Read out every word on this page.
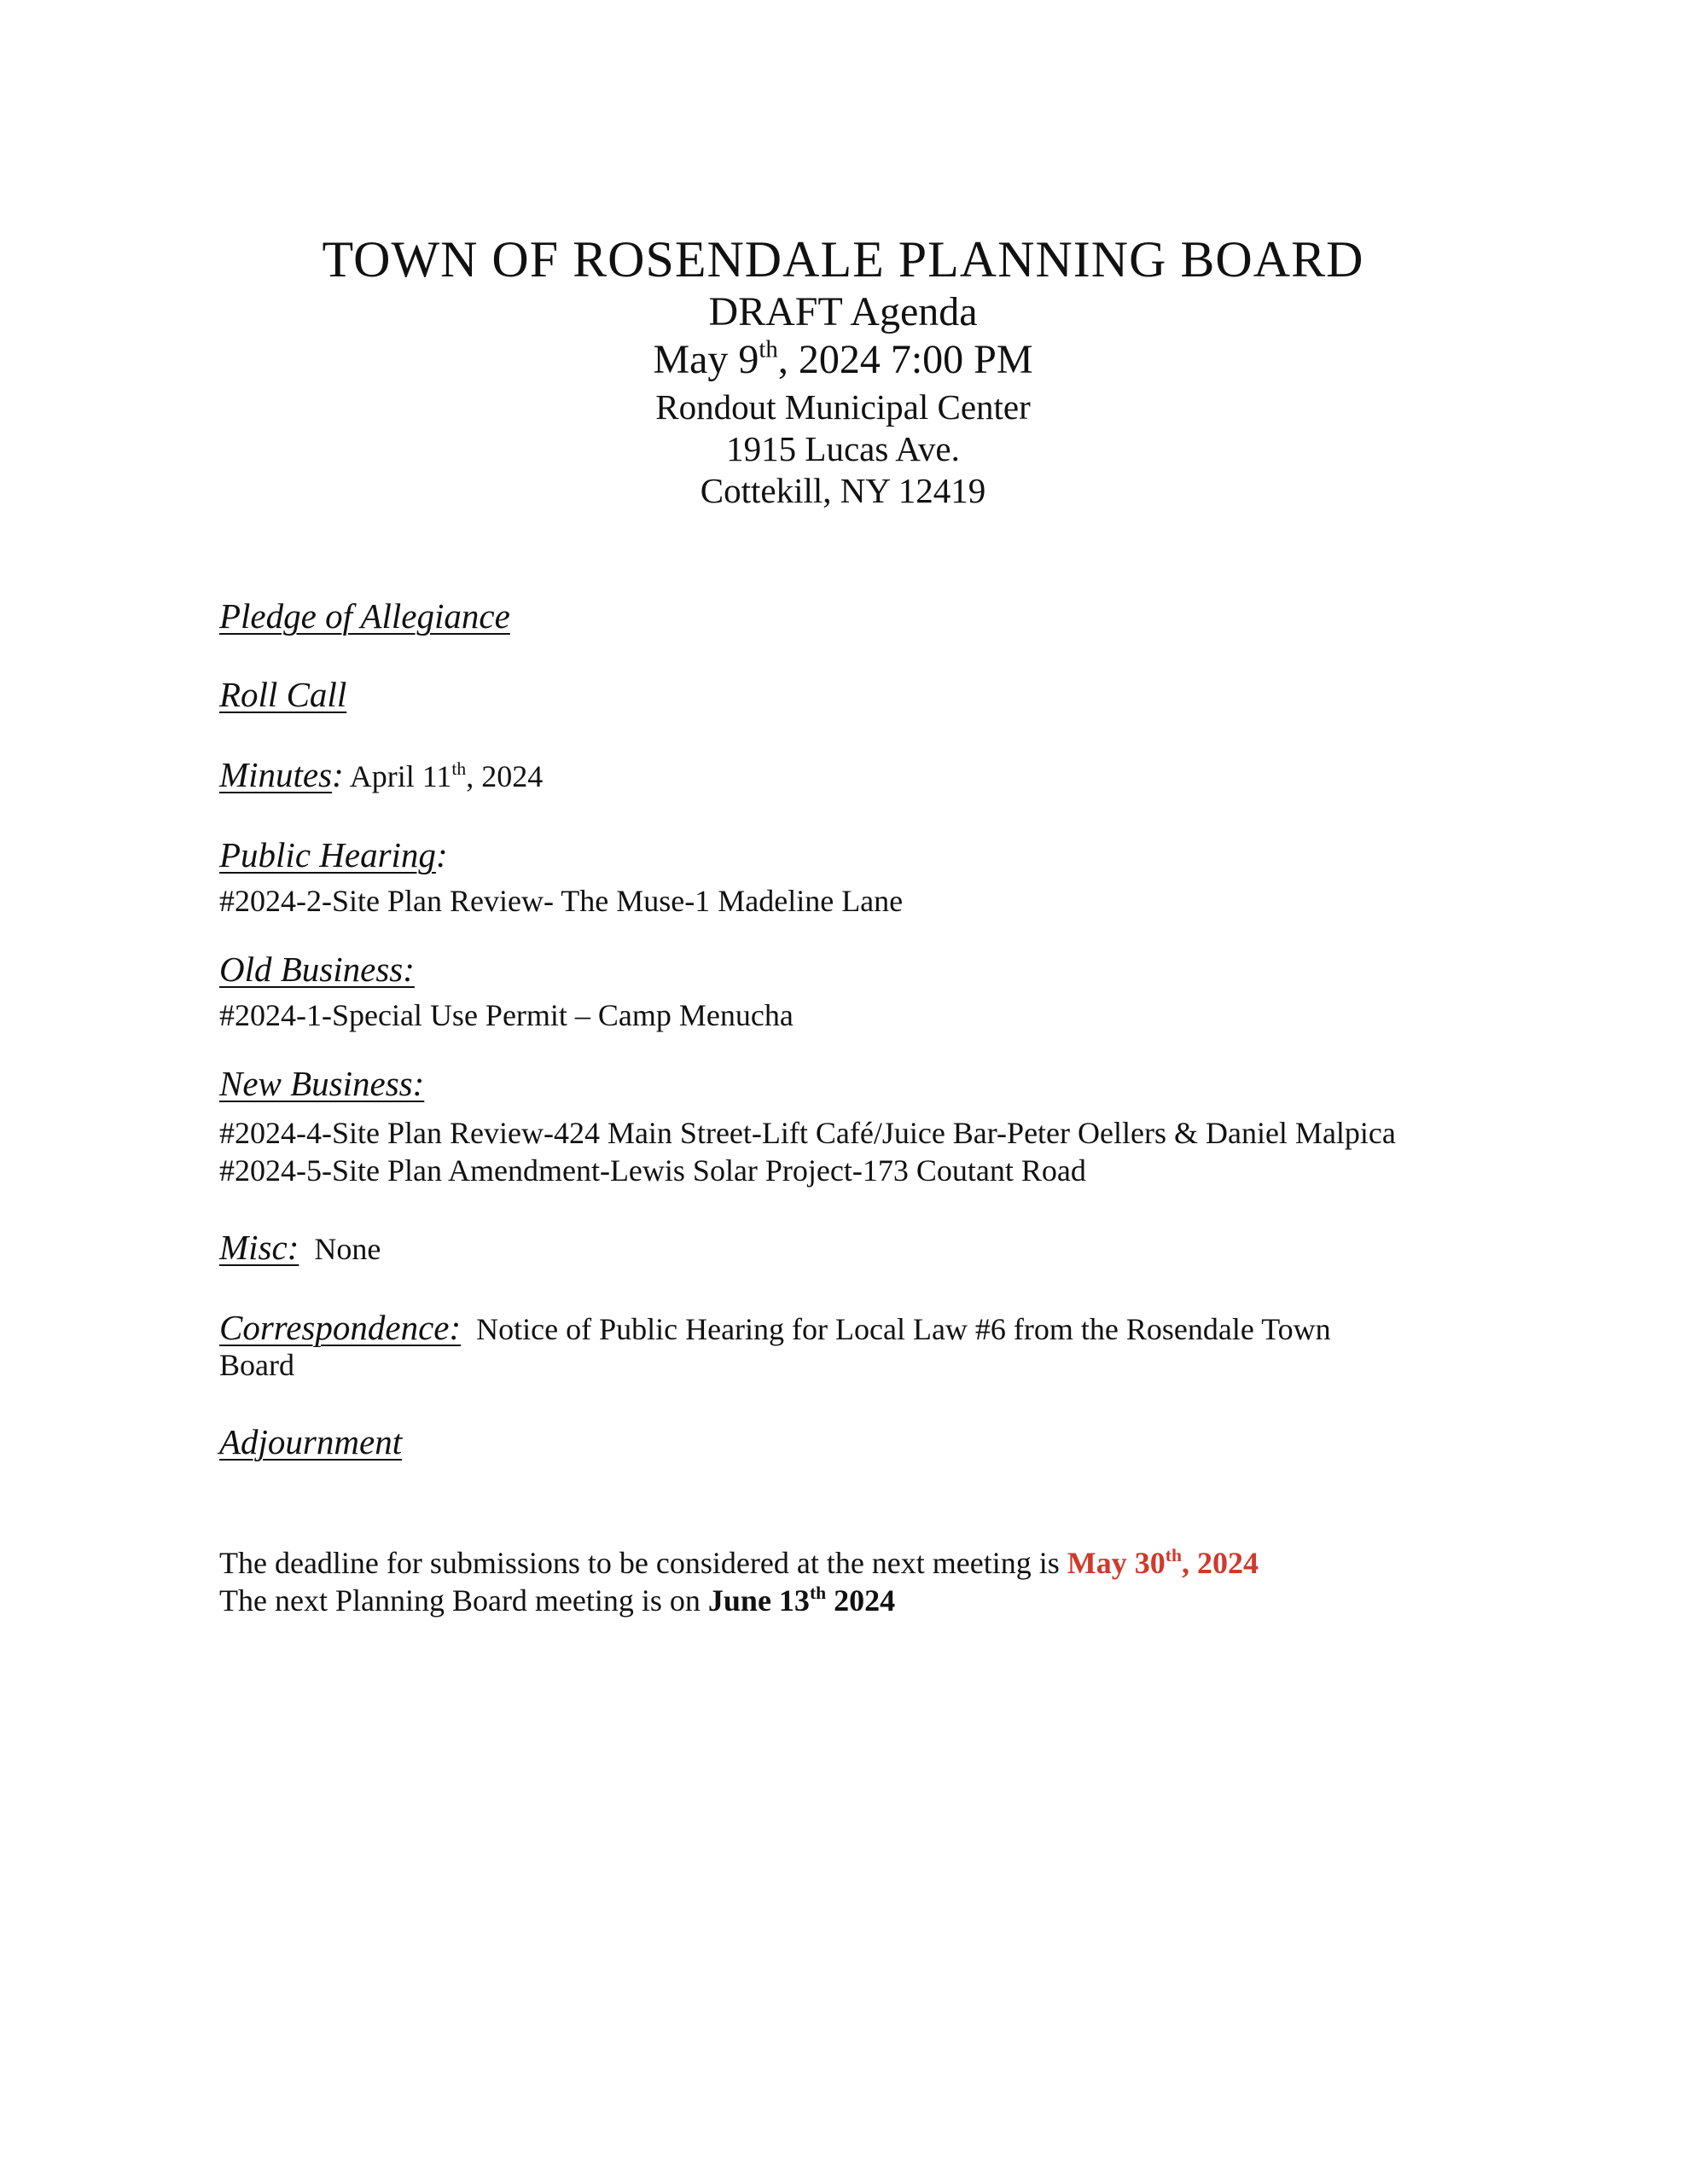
TOWN OF ROSENDALE PLANNING BOARD
DRAFT Agenda
May 9th, 2024 7:00 PM
Rondout Municipal Center
1915 Lucas Ave.
Cottekill, NY 12419
Pledge of Allegiance
Roll Call
Minutes: April 11th, 2024
Public Hearing:
#2024-2-Site Plan Review- The Muse-1 Madeline Lane
Old Business:
#2024-1-Special Use Permit – Camp Menucha
New Business:
#2024-4-Site Plan Review-424 Main Street-Lift Café/Juice Bar-Peter Oellers & Daniel Malpica
#2024-5-Site Plan Amendment-Lewis Solar Project-173 Coutant Road
Misc: None
Correspondence: Notice of Public Hearing for Local Law #6 from the Rosendale Town
Board
Adjournment
The deadline for submissions to be considered at the next meeting is May 30th, 2024
The next Planning Board meeting is on June 13th 2024
